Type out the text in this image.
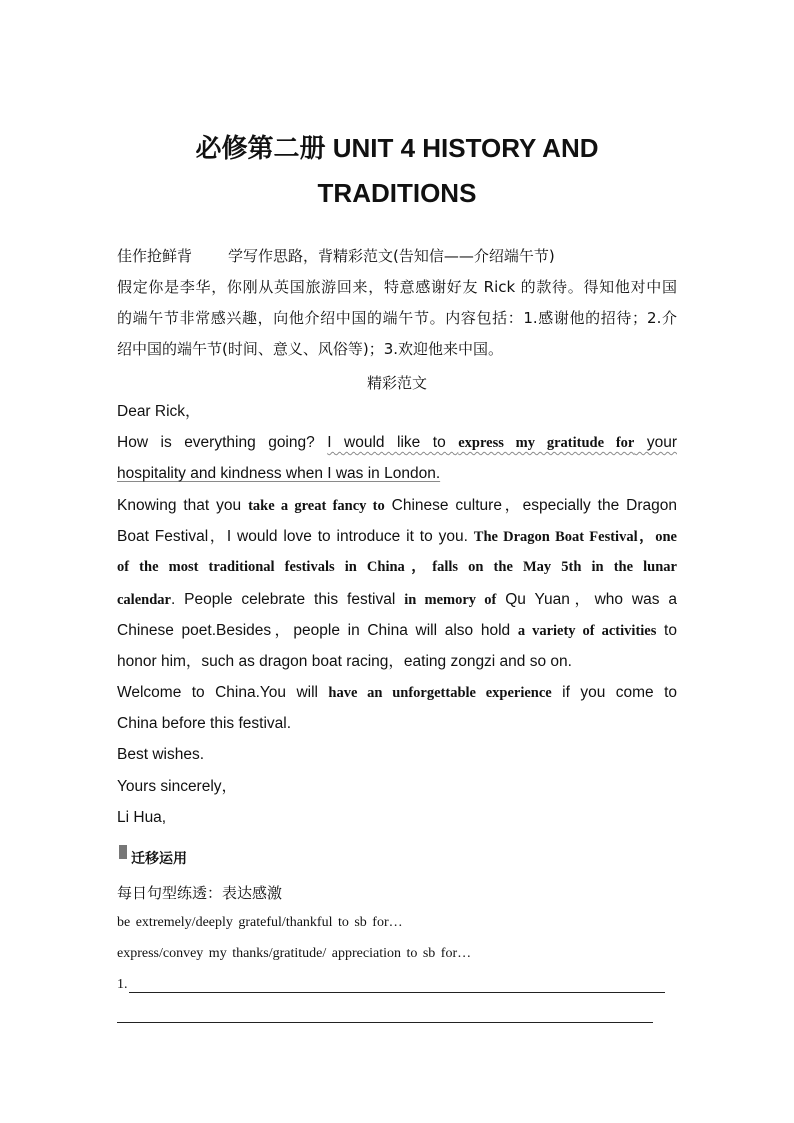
必修第二册 UNIT 4 HISTORY AND
TRADITIONS
佳作抢鲜背 学写作思路，背精彩范文(告知信——介绍端午节)
假定你是李华，你刚从英国旅游回来，特意感谢好友 Rick 的款待。得知他对中国
的端午节非常感兴趣，向他介绍中国的端午节。内容包括：1.感谢他的招待；2.介
绍中国的端午节(时间、意义、风俗等)；3.欢迎他来中国。
精彩范文
Dear Rick，
How is everything going? I would like to express my gratitude for your
hospitality and kindness when I was in London.
Knowing that you take a great fancy to Chinese culture，especially the Dragon
Boat Festival，I would love to introduce it to you. The Dragon Boat Festival，one
of the most traditional festivals in China，falls on the May 5th in the lunar
calendar. People celebrate this festival in memory of Qu Yuan，who was a
Chinese poet.Besides，people in China will also hold a variety of activities to
honor him，such as dragon boat racing，eating zongzi and so on.
Welcome to China.You will have an unforgettable experience if you come to
China before this festival.
Best wishes.
Yours sincerely，
Li Hua,
迁移运用
每日句型练透：表达感激
be extremely/deeply grateful/thankful to sb for…
express/convey my thanks/gratitude/ appreciation to sb for…
1.
